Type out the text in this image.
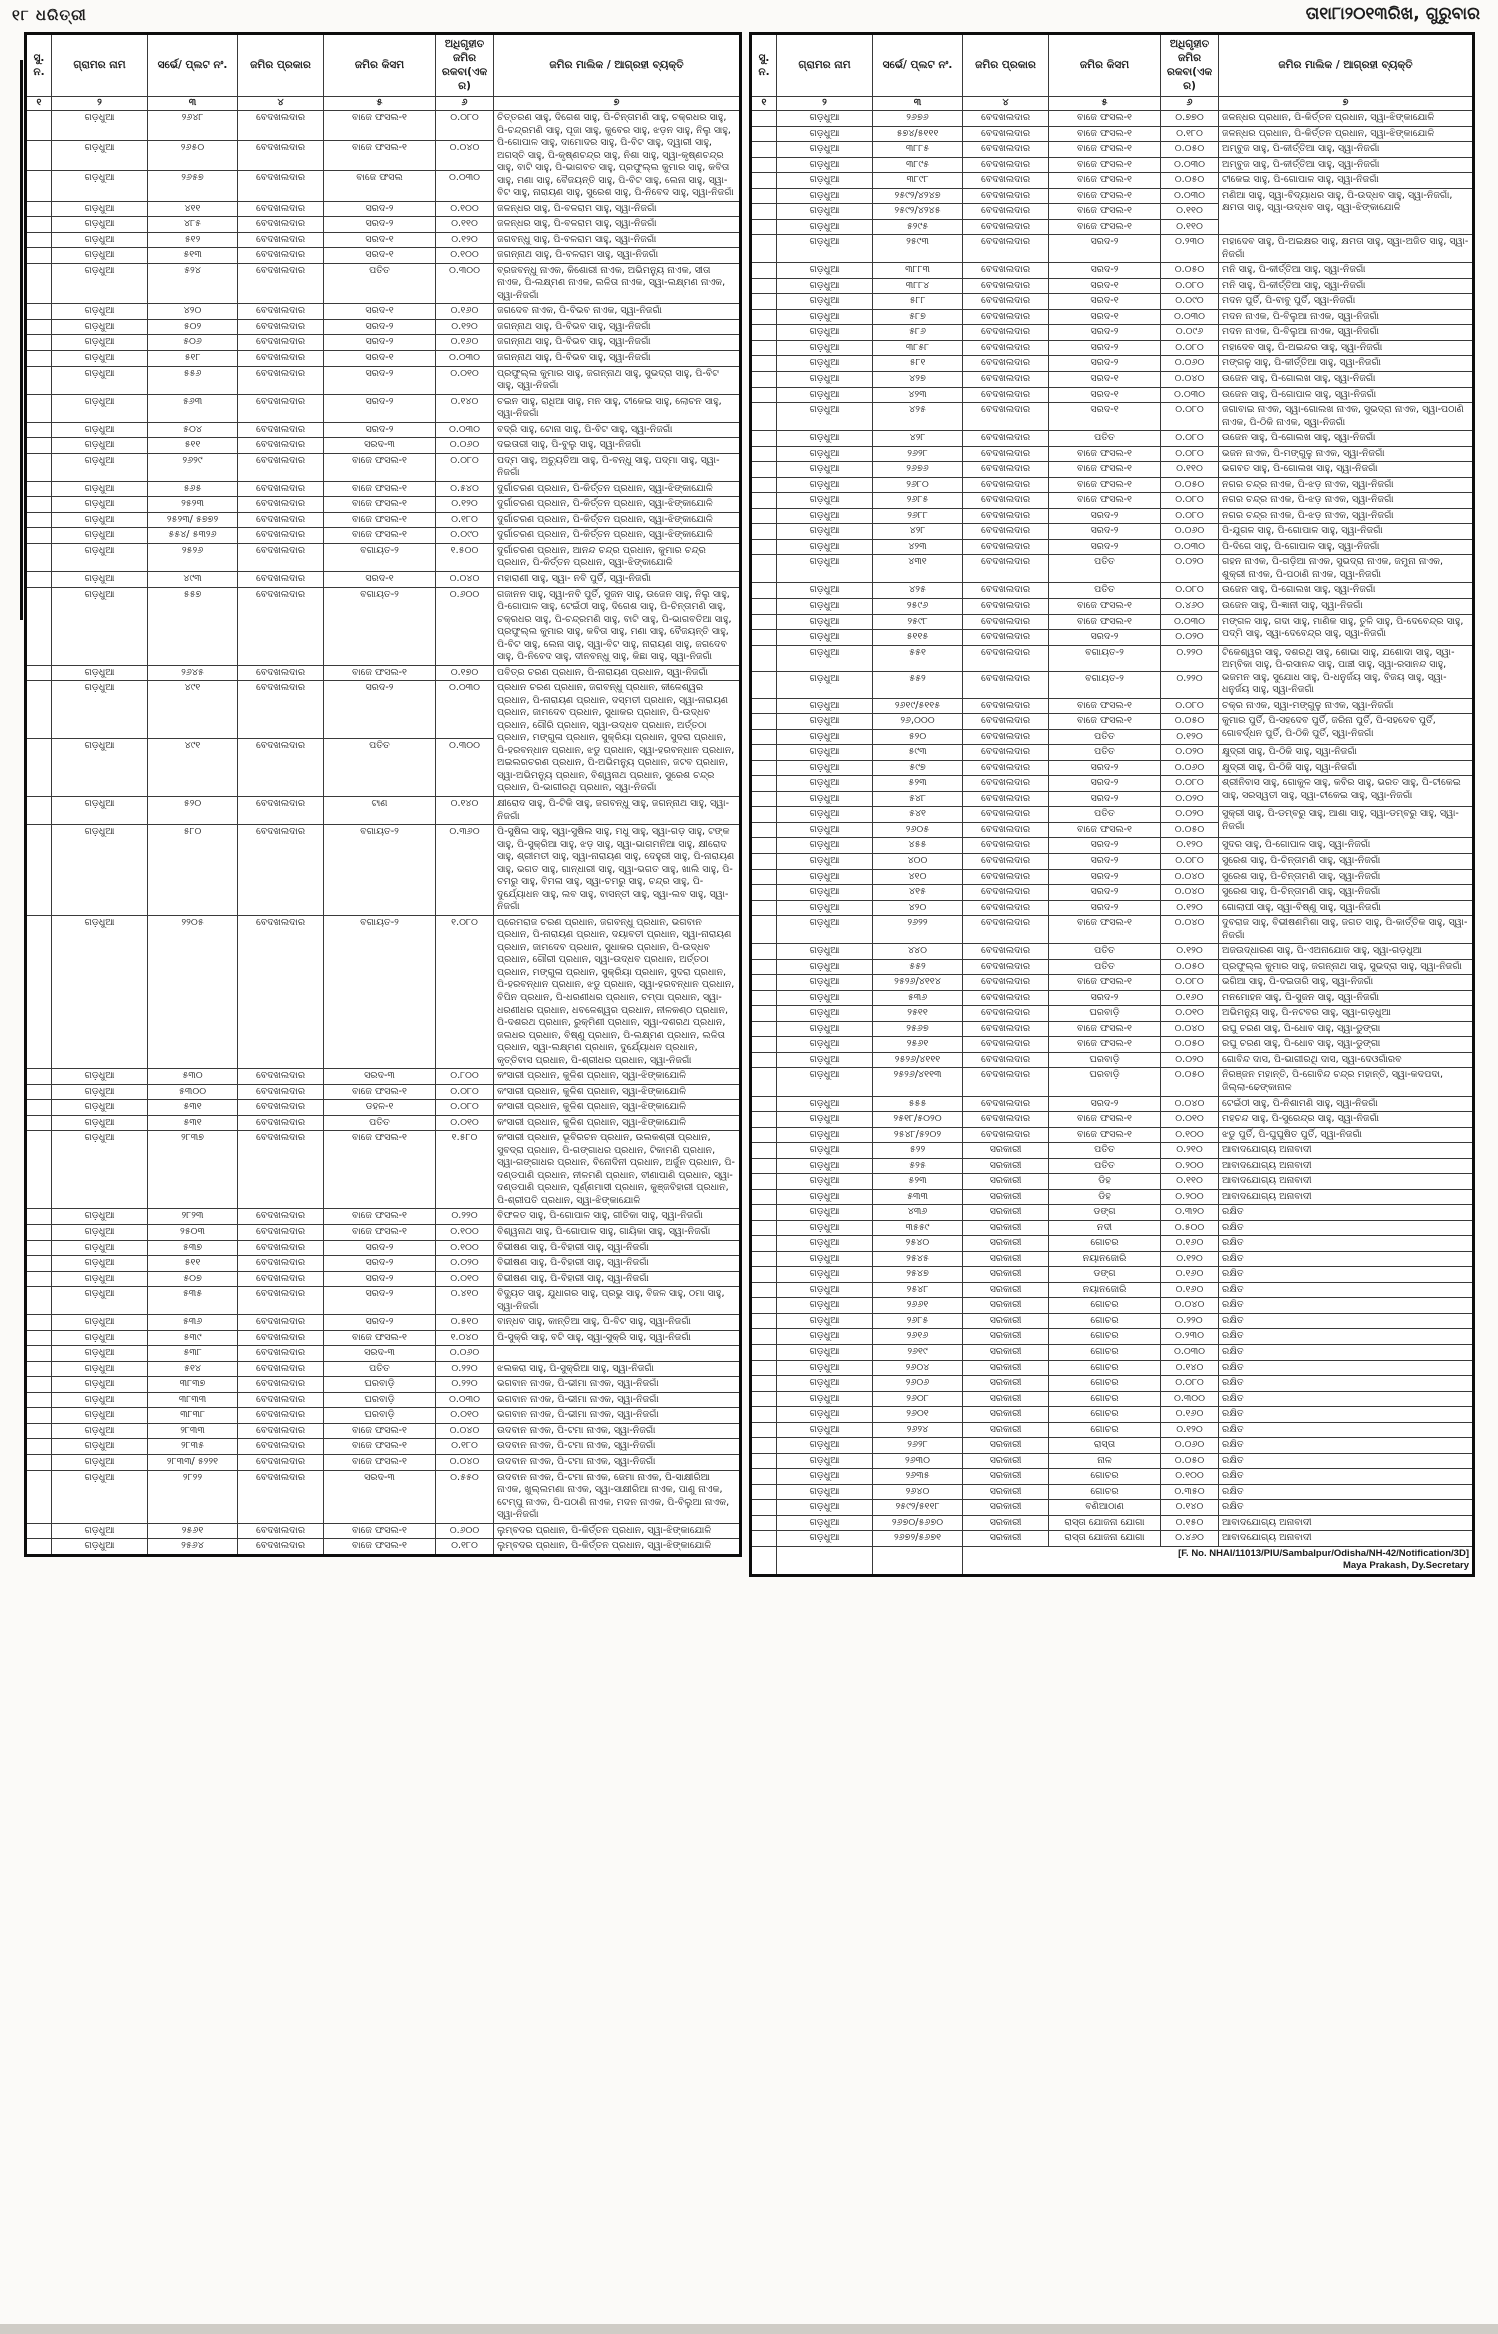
୧୮ ଧରିତ୍ରୀ	ତା୧ା୮ା୨୦୧୩ରିଖ, ଗୁରୁବାର
ସୁ. ନ.	ଗ୍ରାମର ନାମ	ସର୍ଭେ/ ପ୍ଲଟ ନଂ.	ଜମିର ପ୍ରକାର	ଜମିର କିସମ	ଅଧିଗୃହୀତ ଜମିର ରକବା(ଏକର)	ଜମିର ମାଲିକ / ଆଗ୍ରହୀ ବ୍ୟକ୍ତି
୧	୨	୩	୪	୫	୬	୭
	ଗଡ଼ଧୁଆ	୨୬୪୮	ବେଦଖଲଦାର	ବାଜେ ଫସଲ-୧	୦.୦୮୦	ଚିତ୍ତରଣ ସାହୁ, ଦିଗେଶ ସାହୁ, ପି-ଚିନ୍ତାମଣି ସାହୁ, ଚକ୍ରଧର ସାହୁ, ପି-ଚନ୍ଦ୍ରମଣି ସାହୁ, ପୂଜା ସାହୁ, କୁବେର ସାହୁ, ଝଡ଼ନ ସାହୁ, ନିଲୁ ସାହୁ, ପି-ଗୋପାଳ ସାହୁ, ଦାମୋଦର ସାହୁ, ପି-ବିଟ ସାହୁ, ଦ୍ୱାରୀ ସାହୁ, ଅଗସ୍ତି ସାହୁ, ପି-କୃଷ୍ଣଚନ୍ଦ୍ର ସାହୁ, ନିଶା ସାହୁ, ସ୍ୱା-କୃଷ୍ଣଚନ୍ଦ୍ର ସାହୁ, ବାଟି ସାହୁ, ପି-ଭାଗବତ ସାହୁ, ପ୍ରଫୁଲ୍ଲ କୁମାର ସାହୁ, କବିତା ସାହୁ, ମଣା ସାହୁ, ବୈଜୟନ୍ତି ସାହୁ, ପି-ବିଟ ସାହୁ, ଲେନା ସାହୁ, ସ୍ୱା-ବିଟ ସାହୁ, ନାରାୟଣ ସାହୁ, ସୁରେଶ ସାହୁ, ପି-ନିବେଦ ସାହୁ, ସ୍ୱା-ନିଜଗାଁ
	ଗଡ଼ଧୁଆ	୨୬୫୦	ବେଦଖଲଦାର	ବାଜେ ଫସଲ-୧	୦.୦୪୦	
	ଗଡ଼ଧୁଆ	୨୬୫୭	ବେଦଖଲଦାର	ବାଜେ ଫସଲ	୦.୦୩୦	
	ଗଡ଼ଧୁଆ	୪୧୧	ବେଦଖଲଦାର	ସରଦ-୨	୦.୧୦୦	ଜଳନ୍ଧର ସାହୁ, ପି-ବଳରାମ ସାହୁ, ସ୍ୱା-ନିଜଗାଁ
	ଗଡ଼ଧୁଆ	୪୮୫	ବେଦଖଲଦାର	ସରଦ-୨	୦.୧୧୦	ଜଳନ୍ଧର ସାହୁ, ପି-ବଳରାମ ସାହୁ, ସ୍ୱା-ନିଜଗାଁ
	ଗଡ଼ଧୁଆ	୫୧୨	ବେଦଖଲଦାର	ସରଦ-୧	୦.୧୨୦	ଜଗବନ୍ଧୁ ସାହୁ, ପି-ବଳରାମ ସାହୁ, ସ୍ୱା-ନିଜଗାଁ
	ଗଡ଼ଧୁଆ	୫୧୩	ବେଦଖଲଦାର	ସରଦ-୧	୦.୧୦୦	ଜଗନ୍ନାଥ ସାହୁ, ପି-ବଳରାମ ସାହୁ, ସ୍ୱା-ନିଜଗାଁ
	ଗଡ଼ଧୁଆ	୫୨୪	ବେଦଖଲଦାର	ପତିତ	୦.୩୦୦	ବ୍ରଜବନ୍ଧୁ ନାଏକ, କିଶୋରୀ ନାଏକ, ଅଭିମନ୍ୟୁ ନାଏକ, ସୀତା ନାଏକ, ପି-ଲକ୍ଷ୍ମଣ ନାଏକ, ଲଳିତା ନାଏକ, ସ୍ୱା-ଲକ୍ଷ୍ମଣ ନାଏକ, ସ୍ୱା-ନିଜଗାଁ
	ଗଡ଼ଧୁଆ	୪୨୦	ବେଦଖଲଦାର	ସରଦ-୧	୦.୧୬୦	ଜଗଦେବ ନାଏକ, ପି-ବିଭବ ନାଏକ, ସ୍ୱା-ନିଜଗାଁ
	ଗଡ଼ଧୁଆ	୫୦୨	ବେଦଖଲଦାର	ସରଦ-୨	୦.୧୨୦	ଜଗନ୍ନାଥ ସାହୁ, ପି-ବିଭବ ସାହୁ, ସ୍ୱା-ନିଜଗାଁ
	ଗଡ଼ଧୁଆ	୫୦୬	ବେଦଖଲଦାର	ସରଦ-୨	୦.୧୬୦	ଜଗନ୍ନାଥ ସାହୁ, ପି-ବିଭବ ସାହୁ, ସ୍ୱା-ନିଜଗାଁ
	ଗଡ଼ଧୁଆ	୫୧୮	ବେଦଖଲଦାର	ସରଦ-୧	୦.୦୩୦	ଜଗନ୍ନାଥ ସାହୁ, ପି-ବିଭବ ସାହୁ, ସ୍ୱା-ନିଜଗାଁ
	ଗଡ଼ଧୁଆ	୫୫୬	ବେଦଖଲଦାର	ସରଦ-୨	୦.୦୧୦	ପ୍ରଫୁଲ୍ଲ କୁମାର ସାହୁ, ଜଗନ୍ନାଥ ସାହୁ, ସୁଭଦ୍ରା ସାହୁ, ପି-ବିଟ ସାହୁ, ସ୍ୱା-ନିଜଗାଁ
	ଗଡ଼ଧୁଆ	୫୬୩	ବେଦଖଲଦାର	ସରଦ-୨	୦.୧୪୦	ଚଇନ ସାହୁ, ରାଧିଆ ସାହୁ, ମନ ସାହୁ, ଟୀକେଇ ସାହୁ, ଲୋଚନ ସାହୁ, ସ୍ୱା-ନିଜଗାଁ
	ଗଡ଼ଧୁଆ	୫୦୪	ବେଦଖଲଦାର	ସରଦ-୨	୦.୦୩୦	ବଦ୍ରି ସାହୁ, ଟୋନା ସାହୁ, ପି-ବିଟ ସାହୁ, ସ୍ୱା-ନିଜଗାଁ
	ଗଡ଼ଧୁଆ	୫୧୧	ବେଦଖଲଦାର	ସରଦ-୩	୦.୦୬୦	ଦଇତାରୀ ସାହୁ, ପି-ବୁଲୁ ସାହୁ, ସ୍ୱା-ନିଜଗାଁ
	ଗଡ଼ଧୁଆ	୨୬୨୯	ବେଦଖଲଦାର	ବାଜେ ଫସଲ-୧	୦.୦୮୦	ପଦ୍ମ ସାହୁ, ଅଚ୍ୟୁତିଆ ସାହୁ, ପି-ବନ୍ଧୁ ସାହୁ, ପଦ୍ମା ସାହୁ, ସ୍ୱା-ନିଜଗାଁ
	ଗଡ଼ଧୁଆ	୫୬୫	ବେଦଖଲଦାର	ବାଜେ ଫସଲ-୧	୦.୫୪୦	ଦୁର୍ଗାଚରଣ ପ୍ରଧାନ, ପି-କିର୍ତ୍ତନ ପ୍ରଧାନ, ସ୍ୱା-ଝିଙ୍କାଯୋଳି
	ଗଡ଼ଧୁଆ	୨୫୨୩	ବେଦଖଲଦାର	ବାଜେ ଫସଲ-୧	୦.୧୨୦	ଦୁର୍ଗାଚରଣ ପ୍ରଧାନ, ପି-କିର୍ତ୍ତନ ପ୍ରଧାନ, ସ୍ୱା-ଝିଙ୍କାଯୋଳି
	ଗଡ଼ଧୁଆ	୨୫୨୩/ ୫୭୭୨	ବେଦଖଲଦାର	ବାଜେ ଫସଲ-୧	୦.୧୮୦	ଦୁର୍ଗାଚରଣ ପ୍ରଧାନ, ପି-କିର୍ତ୍ତନ ପ୍ରଧାନ, ସ୍ୱା-ଝିଙ୍କାଯୋଳି
	ଗଡ଼ଧୁଆ	୫୫୪/ ୫୩୨୬	ବେଦଖଲଦାର	ବାଜେ ଫସଲ-୧	୦.୦୯୦	ଦୁର୍ଗାଚରଣ ପ୍ରଧାନ, ପି-କିର୍ତ୍ତନ ପ୍ରଧାନ, ସ୍ୱା-ଝିଙ୍କାଯୋଳି
	ଗଡ଼ଧୁଆ	୨୫୨୬	ବେଦଖଲଦାର	ବଗାୟତ-୨	୧.୫୦୦	ଦୁର୍ଗାଚରଣ ପ୍ରଧାନ, ଆନନ୍ଦ ଚନ୍ଦ୍ର ପ୍ରଧାନ, କୁମାର ଚନ୍ଦ୍ର ପ୍ରଧାନ, ପି-କିର୍ତ୍ତନ ପ୍ରଧାନ, ସ୍ୱା-ଝିଙ୍କାଯୋଳି
	ଗଡ଼ଧୁଆ	୪୯୩	ବେଦଖଲଦାର	ସରଦ-୧	୦.୦୪୦	ମହାରାଣୀ ସାହୁ, ସ୍ୱା- ନବି ପୁର୍ତି, ସ୍ୱା-ନିଜଗାଁ
	ଗଡ଼ଧୁଆ	୫୫୭	ବେଦଖଲଦାର	ବଗାୟତ-୨	୦.୬୦୦	ଗଜାନନ ସାହୁ, ସ୍ୱା-ନବି ପୁର୍ତି, ସୁଜନ ସାହୁ, ଉଜେନ ସାହୁ, ନିଲୁ ସାହୁ, ପି-ଗୋପାଳ ସାହୁ, ଟେଇଁଠୀ ସାହୁ, ଦିଗେଶ ସାହୁ, ପି-ଚିନ୍ତାମଣି ସାହୁ, ଚକ୍ରଧର ସାହୁ, ପି-ଚନ୍ଦ୍ରମଣି ସାହୁ, ବାଟି ସାହୁ, ପି-ଭାଗବତିଆ ସାହୁ, ପ୍ରଫୁଲ୍ଲ କୁମାର ସାହୁ, କବିତା ସାହୁ, ମଣା ସାହୁ, ବୈଜୟନ୍ତି ସାହୁ, ପି-ବିଟ ସାହୁ, ଲେନା ସାହୁ, ସ୍ୱା-ବିଟ ସାହୁ, ନାରାୟଣ ସାହୁ, ଜଗଦେବ ସାହୁ, ପି-ନିବେଦ ସାହୁ, ଦୀନବନ୍ଧୁ ସାହୁ, କିଛା ସାହୁ, ସ୍ୱା-ନିଜଗାଁ
	ଗଡ଼ଧୁଆ	୨୬୪୫	ବେଦଖଲଦାର	ବାଜେ ଫସଲ-୧	୦.୧୭୦	ପବିତ୍ର ଚରଣ ପ୍ରଧାନ, ପି-ନାରାୟଣ ପ୍ରଧାନ, ସ୍ୱା-ନିଜଗାଁ
	ଗଡ଼ଧୁଆ	୪୯୧	ବେଦଖଲଦାର	ସରଦ-୨	୦.୦୩୦	ପ୍ରଧାନ ଚରଣ ପ୍ରଧାନ, ଜଗବନ୍ଧୁ ପ୍ରଧାନ, କୀଳେଶ୍ୱର ପ୍ରଧାନ, ପି-ନାରାୟଣ ପ୍ରଧାନ, ଦସ୍ମତୀ ପ୍ରଧାନ, ସ୍ୱା-ନାରାୟଣ ପ୍ରଧାନ, ଜାମଦେବ ପ୍ରଧାନ, ସୁଧାକର ପ୍ରଧାନ, ପି-ଉଦ୍ଧବ ପ୍ରଧାନ, ଗୌରି ପ୍ରଧାନ, ସ୍ୱା-ଉଦ୍ଧବ ପ୍ରଧାନ, ଅର୍ତ୍ତଠା ପ୍ରଧାନ, ମଙ୍ଗୁଳା ପ୍ରଧାନ, ସୁକ୍ରିୟା ପ୍ରଧାନ, ସୁଦରା ପ୍ରଧାନ, ପି-ହରବନ୍ଧାନ ପ୍ରଧାନ, ଝଡୁ ପ୍ରଧାନ, ସ୍ୱା-ହରବନ୍ଧାନ ପ୍ରଧାନ, ଅଇଲରଚରଣ ପ୍ରଧାନ, ପି-ଅଭିମନ୍ୟୁ ପ୍ରଧାନ, ଜଟବ ପ୍ରଧାନ, ସ୍ୱା-ଅଭିମନ୍ୟୁ ପ୍ରଧାନ, ବିଶ୍ୱନାଥ ପ୍ରଧାନ, ସୁରେଶ ଚନ୍ଦ୍ର ପ୍ରଧାନ, ପି-ଭାଗୀରଥି ପ୍ରଧାନ, ସ୍ୱା-ନିଜଗାଁ
	ଗଡ଼ଧୁଆ	୪୯୧	ବେଦଖଲଦାର	ପତିତ	୦.୩୦୦	
	ଗଡ଼ଧୁଆ	୫୨୦	ବେଦଖଲଦାର	ଟାଣ	୦.୧୪୦	କ୍ଷୀରୋଦ ସାହୁ, ପି-ଟିକି ସାହୁ, ଜଗବନ୍ଧୁ ସାହୁ, ଜଗନ୍ନାଥ ସାହୁ, ସ୍ୱା-ନିଜଗାଁ
	ଗଡ଼ଧୁଆ	୫୮୦	ବେଦଖଲଦାର	ବଗାୟତ-୨	୦.୩୬୦	ପି-ସୁଷିଲ ସାହୁ, ସ୍ୱା-ସୁଷିଲ ସାହୁ, ମଧୁ ସାହୁ, ସ୍ୱା-ଗଡ଼ ସାହୁ, ଟଙ୍କ ସାହୁ, ପି-ସୁକ୍ରିଆ ସାହୁ, ଝଡ଼ ସାହୁ, ସ୍ୱା-ଭାଗମନିଆ ସାହୁ, କ୍ଷୀରୋଦ ସାହୁ, ଶ୍ରୀମତୀ ସାହୁ, ସ୍ୱା-ନାରାୟଣ ସାହୁ, ଦେହୁରୀ ସାହୁ, ପି-ନାରାୟଣ ସାହୁ, ଭଗତ ସାହୁ, ଗାନ୍ଧାରୀ ସାହୁ, ସ୍ୱା-ଭଗତ ସାହୁ, ଖାଲି ସାହୁ, ପି-ଚମରୁ ସାହୁ, ବିମଳା ସାହୁ, ସ୍ୱା-ଚମରୁ ସାହୁ, ଚନ୍ଦ୍ର ସାହୁ, ପି-ଦୁର୍ଯ୍ୟୋଧନ ସାହୁ, ଲବ ସାହୁ, ବାସନ୍ତୀ ସାହୁ, ସ୍ୱା-ଲବ ସାହୁ, ସ୍ୱା-ନିଜଗାଁ
	ଗଡ଼ଧୁଆ	୨୨୦୫	ବେଦଖଲଦାର	ବଗାୟତ-୨	୧.୦୮୦	ପ୍ରେମରାଜ ଚରଣ ପ୍ରଧାନ, ଜଗବନ୍ଧୁ ପ୍ରଧାନ, ଭଗବାନ ପ୍ରଧାନ, ପି-ନାରାୟଣ ପ୍ରଧାନ, ଦୟାବତୀ ପ୍ରଧାନ, ସ୍ୱା-ନାରାୟଣ ପ୍ରଧାନ, ଜାମଦେବ ପ୍ରଧାନ, ସୁଧାକର ପ୍ରଧାନ, ପି-ଉଦ୍ଧବ ପ୍ରଧାନ, ଗୌରୀ ପ୍ରଧାନ, ସ୍ୱା-ଉଦ୍ଧବ ପ୍ରଧାନ, ଅର୍ତ୍ତଠା ପ୍ରଧାନ, ମଙ୍ଗୁଳା ପ୍ରଧାନ, ସୁକ୍ରିୟା ପ୍ରଧାନ, ସୁଦରା ପ୍ରଧାନ, ପି-ହରବନ୍ଧାନ ପ୍ରଧାନ, ଝଡୁ ପ୍ରଧାନ, ସ୍ୱା-ହରବନ୍ଧାନ ପ୍ରଧାନ, ବିପିନ ପ୍ରଧାନ, ପି-ଧରଣୀଧର ପ୍ରଧାନ, ଚମ୍ପା ପ୍ରଧାନ, ସ୍ୱା-ଧରଣୀଧର ପ୍ରଧାନ, ଧବଳେଶ୍ୱର ପ୍ରଧାନ, ନୀଳକଣ୍ଠ ପ୍ରଧାନ, ପି-ଦଶରଥ ପ୍ରଧାନ, ରୁକ୍ମିଣୀ ପ୍ରଧାନ, ସ୍ୱା-ଦଶରଥ ପ୍ରଧାନ, ଜଲଧର ପ୍ରଧାନ, ବିଷ୍ଣୁ ପ୍ରଧାନ, ପି-ଲକ୍ଷ୍ମଣ ପ୍ରଧାନ, ଲଳିତା ପ୍ରଧାନ, ସ୍ୱା-ଲକ୍ଷ୍ମଣ ପ୍ରଧାନ, ଦୁର୍ଯ୍ୟୋଧନ ପ୍ରଧାନ, କୃତ୍ତିବାସ ପ୍ରଧାନ, ପି-ଶ୍ରୀଧର ପ୍ରଧାନ, ସ୍ୱା-ନିଜଗାଁ
	ଗଡ଼ଧୁଆ	୫୩୦	ବେଦଖଲଦାର	ସରଦ-୩	୦.୮୦୦	କଂସାରୀ ପ୍ରଧାନ, କୁଳିଶ ପ୍ରଧାନ, ସ୍ୱା-ଝିଙ୍କାଯୋଳି
	ଗଡ଼ଧୁଆ	୫୩୦୦	ବେଦଖଲଦାର	ବାଜେ ଫସଲ-୧	୦.୦୮୦	କଂସାରୀ ପ୍ରଧାନ, କୁଳିଶ ପ୍ରଧାନ, ସ୍ୱା-ଝିଙ୍କାଯୋଳି
	ଗଡ଼ଧୁଆ	୫୩୧	ବେଦଖଲଦାର	ଡହଳ-୧	୦.୦୮୦	କଂସାରୀ ପ୍ରଧାନ, କୁଳିଶ ପ୍ରଧାନ, ସ୍ୱା-ଝିଙ୍କାଯୋଳି
	ଗଡ଼ଧୁଆ	୫୩୧	ବେଦଖଲଦାର	ପତିତ	୦.୦୧୦	କଂସାରୀ ପ୍ରଧାନ, କୁଳିଶ ପ୍ରଧାନ, ସ୍ୱା-ଝିଙ୍କାଯୋଳି
	ଗଡ଼ଧୁଆ	୨୮୩୭	ବେଦଖଲଦାର	ବାଜେ ଫସଲ-୧	୧.୫୮୦	କଂସାରୀ ପ୍ରଧାନ, ଭୂବିରଚନ ପ୍ରଧାନ, ଉଲକଶ୍ରୀ ପ୍ରଧାନ, ସୁବଦ୍ରା ପ୍ରଧାନ, ପି-ଗଙ୍ଗାଧର ପ୍ରଧାନ, ଟିକାମଣି ପ୍ରଧାନ, ସ୍ୱା-ଗଙ୍ଗାଧର ପ୍ରଧାନ, ବିନୋଦିନୀ ପ୍ରଧାନ, ଅର୍ଜୁନ ପ୍ରଧାନ, ପି-ଦଣ୍ଡପାଣି ପ୍ରଧାନ, ନୀଳମଣି ପ୍ରଧାନ, ବୀଣାପାଣି ପ୍ରଧାନ, ସ୍ୱା-ଦଣ୍ଡପାଣି ପ୍ରଧାନ, ପୂର୍ଣ୍ଣମାସୀ ପ୍ରଧାନ, କୁଞ୍ଜବିହାରୀ ପ୍ରଧାନ, ପି-ଶ୍ରୀପତି ପ୍ରଧାନ, ସ୍ୱା-ଝିଙ୍କାଯୋଳି
	ଗଡ଼ଧୁଆ	୨୮୨୩	ବେଦଖଲଦାର	ବାଜେ ଫସଲ-୧	୦.୨୨୦	ବିଫଳତ ସାହୁ, ପି-ଗୋପାଳ ସାହୁ, ଗୀତିକା ସାହୁ, ସ୍ୱା-ନିଜଗାଁ
	ଗଡ଼ଧୁଆ	୨୫୦୩	ବେଦଖଲଦାର	ବାଜେ ଫସଲ-୧	୦.୧୦୦	ବିଶ୍ୱନାଥ ସାହୁ, ପି-ଗୋପାଳ ସାହୁ, ଗାୟିକା ସାହୁ, ସ୍ୱା-ନିଜଗାଁ
	ଗଡ଼ଧୁଆ	୫୩୭	ବେଦଖଲଦାର	ସରଦ-୨	୦.୧୦୦	ବିଭୀଷଣ ସାହୁ, ପି-ବିହାରୀ ସାହୁ, ସ୍ୱା-ନିଜଗାଁ
	ଗଡ଼ଧୁଆ	୫୧୧	ବେଦଖଲଦାର	ସରଦ-୨	୦.୦୨୦	ବିଭୀଷଣ ସାହୁ, ପି-ବିହାରୀ ସାହୁ, ସ୍ୱା-ନିଜଗାଁ
	ଗଡ଼ଧୁଆ	୫୦୭	ବେଦଖଲଦାର	ସରଦ-୨	୦.୦୧୦	ବିଭୀଷଣ ସାହୁ, ପି-ବିହାରୀ ସାହୁ, ସ୍ୱା-ନିଜଗାଁ
	ଗଡ଼ଧୁଆ	୫୩୫	ବେଦଖଲଦାର	ସରଦ-୨	୦.୪୧୦	ବିଦ୍ୟୁତ ସାହୁ, ଯୁଧାଗର ସାହୁ, ପ୍ରଭୁ ସାହୁ, ବିଜଳ ସାହୁ, ଠମା ସାହୁ, ସ୍ୱା-ନିଜଗାଁ
	ଗଡ଼ଧୁଆ	୫୩୬	ବେଦଖଲଦାର	ସରଦ-୨	୦.୫୧୦	ବାନ୍ଧବ ସାହୁ, କାନ୍ତିଆ ସାହୁ, ପି-ବିଟ ସାହୁ, ସ୍ୱା-ନିଜଗାଁ
	ଗଡ଼ଧୁଆ	୫୩୯	ବେଦଖଲଦାର	ବାଜେ ଫସଲ-୧	୧.୦୪୦	ପି-ସୁକ୍ରି ସାହୁ, ବଟି ସାହୁ, ସ୍ୱା-ସୁକ୍ରି ସାହୁ, ସ୍ୱା-ନିଜଗାଁ
	ଗଡ଼ଧୁଆ	୫୩୮	ବେଦଖଲଦାର	ସରଦ-୩	୦.୦୬୦	
	ଗଡ଼ଧୁଆ	୫୧୪	ବେଦଖଲଦାର	ପତିତ	୦.୨୨୦	ଝଲକରା ସାହୁ, ପି-ସୁକ୍ରିଆ ସାହୁ, ସ୍ୱା-ନିଜଗାଁ
	ଗଡ଼ଧୁଆ	୩୮୩୭	ବେଦଖଲଦାର	ଘରବାଡ଼ି	୦.୨୨୦	ଭଗବାନ ନାଏକ, ପି-ଭୀମା ନାଏକ, ସ୍ୱା-ନିଜଗାଁ
	ଗଡ଼ଧୁଆ	୩୮୩୩	ବେଦଖଲଦାର	ଘରବାଡ଼ି	୦.୦୩୦	ଭଗବାନ ନାଏକ, ପି-ଭୀମା ନାଏକ, ସ୍ୱା-ନିଜଗାଁ
	ଗଡ଼ଧୁଆ	୩୮୩୮	ବେଦଖଲଦାର	ଘରବାଡ଼ି	୦.୦୧୦	ଭଗବାନ ନାଏକ, ପି-ଭୀମା ନାଏକ, ସ୍ୱା-ନିଜଗାଁ
	ଗଡ଼ଧୁଆ	୨୮୩୩	ବେଦଖଲଦାର	ବାଜେ ଫସଲ-୧	୦.୦୪୦	ଉଦବାନ ନାଏକ, ପି-ଟମା ନାଏକ, ସ୍ୱା-ନିଜଗାଁ
	ଗଡ଼ଧୁଆ	୨୮୩୫	ବେଦଖଲଦାର	ବାଜେ ଫସଲ-୧	୦.୧୮୦	ଉଦବାନ ନାଏକ, ପି-ଟମା ନାଏକ, ସ୍ୱା-ନିଜଗାଁ
	ଗଡ଼ଧୁଆ	୨୮୩୩/ ୫୨୨୧	ବେଦଖଲଦାର	ବାଜେ ଫସଲ-୧	୦.୦୪୦	ଉଦବାନ ନାଏକ, ପି-ଟମା ନାଏକ, ସ୍ୱା-ନିଜଗାଁ
	ଗଡ଼ଧୁଆ	୨୮୨୨	ବେଦଖଲଦାର	ସରଦ-୩	୦.୫୫୦	ଉଦବାନ ନାଏକ, ପି-ଟମା ନାଏକ, ଜେମା ନାଏକ, ପି-ସାକ୍ଷୀରିଆ ନାଏକ, ଖୁଲ୍ଲମଣା ନାଏକ, ସ୍ୱା-ସାକ୍ଷୀରିଆ ନାଏକ, ପାଣୁ ନାଏକ, ଟେମ୍ପୁ ନାଏକ, ପି-ପଠାଣି ନାଏକ, ମଦନ ନାଏକ, ପି-ବିଲୁଆ ନାଏକ, ସ୍ୱା-ନିଜଗାଁ
	ଗଡ଼ଧୁଆ	୨୫୬୧	ବେଦଖଲଦାର	ବାଜେ ଫସଲ-୧	୦.୬୦୦	ଲୁମ୍ବଦର ପ୍ରଧାନ, ପି-କିର୍ତ୍ତନ ପ୍ରଧାନ, ସ୍ୱା-ଝିଙ୍କାଯୋଳି
	ଗଡ଼ଧୁଆ	୨୫୬୪	ବେଦଖଲଦାର	ବାଜେ ଫସଲ-୧	୦.୧୮୦	ଲୁମ୍ବଦର ପ୍ରଧାନ, ପି-କିର୍ତ୍ତନ ପ୍ରଧାନ, ସ୍ୱା-ଝିଙ୍କାଯୋଳି
ସୁ. ନ.	ଗ୍ରାମର ନାମ	ସର୍ଭେ/ ପ୍ଲଟ ନଂ.	ଜମିର ପ୍ରକାର	ଜମିର କିସମ	ଅଧିଗୃହୀତ ଜମିର ରକବା(ଏକର)	ଜମିର ମାଲିକ / ଆଗ୍ରହୀ ବ୍ୟକ୍ତି
୧	୨	୩	୪	୫	୬	୭
	ଗଡ଼ଧୁଆ	୨୬୭୬	ବେଦଖଲଦାର	ବାଜେ ଫସଲ-୧	୦.୭୭୦	ଜଳନ୍ଧର ପ୍ରଧାନ, ପି-କିର୍ତ୍ତନ ପ୍ରଧାନ, ସ୍ୱା-ଝିଙ୍କାଯୋଳି
	ଗଡ଼ଧୁଆ	୫୭୪/୫୧୧୧	ବେଦଖଲଦାର	ବାଜେ ଫସଲ-୧	୦.୧୮୦	ଜଳନ୍ଧର ପ୍ରଧାନ, ପି-କିର୍ତ୍ତନ ପ୍ରଧାନ, ସ୍ୱା-ଝିଙ୍କାଯୋଳି
	ଗଡ଼ଧୁଆ	୩୮୮୫	ବେଦଖଲଦାର	ବାଜେ ଫସଲ-୧	୦.୦୫୦	ଅମ୍ବୁଜ ସାହୁ, ପି-କୀର୍ତ୍ତିଆ ସାହୁ, ସ୍ୱା-ନିଜଗାଁ
	ଗଡ଼ଧୁଆ	୩୮୯୫	ବେଦଖଲଦାର	ବାଜେ ଫସଲ-୧	୦.୦୩୦	ଅମ୍ବୁଜ ସାହୁ, ପି-କୀର୍ତ୍ତିଆ ସାହୁ, ସ୍ୱା-ନିଜଗାଁ
	ଗଡ଼ଧୁଆ	୩୮୯୮	ବେଦଖଲଦାର	ବାଜେ ଫସଲ-୧	୦.୦୫୦	ଟୀକେଇ ସାହୁ, ପି-ଗୋପାଳ ସାହୁ, ସ୍ୱା-ନିଜଗାଁ
	ଗଡ଼ଧୁଆ	୨୫୯୨/୪୨୪୭	ବେଦଖଲଦାର	ବାଜେ ଫସଲ-୧	୦.୦୩୦	ମଣିଆ ସାହୁ, ସ୍ୱା-ବିଦ୍ୟାଧର ସାହୁ, ପି-ଉଦ୍ଧବ ସାହୁ, ସ୍ୱା-ନିଜଗାଁ, କ୍ଷମତା ସାହୁ, ସ୍ୱା-ଉଦ୍ଧବ ସାହୁ, ସ୍ୱା-ଝିଙ୍କାଯୋଳି
	ଗଡ଼ଧୁଆ	୨୫୯୨/୪୨୪୫	ବେଦଖଲଦାର	ବାଜେ ଫସଲ-୧	୦.୧୧୦	
	ଗଡ଼ଧୁଆ	୫୨୯୫	ବେଦଖଲଦାର	ବାଜେ ଫସଲ-୧	୦.୧୧୦	
	ଗଡ଼ଧୁଆ	୨୫୯୩	ବେଦଖଲଦାର	ସରଦ-୨	୦.୨୩୦	ମହାଦେବ ସାହୁ, ପି-ଅଇକ୍ଷର ସାହୁ, କ୍ଷମତା ସାହୁ, ସ୍ୱା-ଅଜିତ ସାହୁ, ସ୍ୱା-ନିଜଗାଁ
	ଗଡ଼ଧୁଆ	୩୮୮୩	ବେଦଖଲଦାର	ସରଦ-୨	୦.୦୫୦	ମନି ସାହୁ, ପି-କୀର୍ତ୍ତିଆ ସାହୁ, ସ୍ୱା-ନିଜଗାଁ
	ଗଡ଼ଧୁଆ	୩୮୮୪	ବେଦଖଲଦାର	ସରଦ-୧	୦.୦୮୦	ମନି ସାହୁ, ପି-କୀର୍ତ୍ତିଆ ସାହୁ, ସ୍ୱା-ନିଜଗାଁ
	ଗଡ଼ଧୁଆ	୫୮୮	ବେଦଖଲଦାର	ସରଦ-୧	୦.୦୯୦	ମଦନ ପୁର୍ତି, ପି-ବାବୁ ପୁର୍ତି, ସ୍ୱା-ନିଜଗାଁ
	ଗଡ଼ଧୁଆ	୫୮୭	ବେଦଖଲଦାର	ସରଦ-୧	୦.୦୩୦	ମଦନ ନାଏକ, ପି-ବିଲୁଆ ନାଏକ, ସ୍ୱା-ନିଜଗାଁ
	ଗଡ଼ଧୁଆ	୫୮୬	ବେଦଖଲଦାର	ସରଦ-୨	୦.୦୯୬	ମଦନ ନାଏକ, ପି-ବିଲୁଆ ନାଏକ, ସ୍ୱା-ନିଜଗାଁ
	ଗଡ଼ଧୁଆ	୩୮୫୮	ବେଦଖଲଦାର	ସରଦ-୨	୦.୦୮୦	ମହାଦେବ ସାହୁ, ପି-ଅଇନ୍ଦର ସାହୁ, ସ୍ୱା-ନିଜଗାଁ
	ଗଡ଼ଧୁଆ	୫୮୧	ବେଦଖଲଦାର	ସରଦ-୨	୦.୦୬୦	ମଙ୍ଗଳୁ ସାହୁ, ପି-କୀର୍ତ୍ତିଆ ସାହୁ, ସ୍ୱା-ନିଜଗାଁ
	ଗଡ଼ଧୁଆ	୪୨୭	ବେଦଖଲଦାର	ସରଦ-୧	୦.୦୪୦	ଉଜେନ ସାହୁ, ପି-ଗୋଲଖ ସାହୁ, ସ୍ୱା-ନିଜଗାଁ
	ଗଡ଼ଧୁଆ	୪୨୩	ବେଦଖଲଦାର	ସରଦ-୧	୦.୦୩୦	ଉଜେନ ସାହୁ, ପି-ଗୋପାଳ ସାହୁ, ସ୍ୱା-ନିଜଗାଁ
	ଗଡ଼ଧୁଆ	୪୨୫	ବେଦଖଲଦାର	ସରଦ-୧	୦.୦୮୦	ଜଗାବାଇ ନାଏକ, ସ୍ୱା-ଗୋଲଖ ନାଏକ, ସୁଭଦ୍ରା ନାଏକ, ସ୍ୱା-ପଠାଣି ନାଏକ, ପି-ଠିକି ନାଏକ, ସ୍ୱା-ନିଜଗାଁ
	ଗଡ଼ଧୁଆ	୪୨୮	ବେଦଖଲଦାର	ପତିତ	୦.୦୮୦	ଉଜେନ ସାହୁ, ପି-ଗୋଲଖ ସାହୁ, ସ୍ୱା-ନିଜଗାଁ
	ଗଡ଼ଧୁଆ	୨୬୨୮	ବେଦଖଲଦାର	ବାଜେ ଫସଲ-୧	୦.୦୮୦	ଭଜନ ନାଏକ, ପି-ମଙ୍ଗୁଳୁ ନାଏକ, ସ୍ୱା-ନିଜଗାଁ
	ଗଡ଼ଧୁଆ	୨୬୭୬	ବେଦଖଲଦାର	ବାଜେ ଫସଲ-୧	୦.୧୧୦	ଭଗବତ ସାହୁ, ପି-ଗୋଲଖ ସାହୁ, ସ୍ୱା-ନିଜଗାଁ
	ଗଡ଼ଧୁଆ	୨୬୮୦	ବେଦଖଲଦାର	ବାଜେ ଫସଲ-୧	୦.୦୫୦	ନଗର ଚନ୍ଦ୍ର ନାଏକ, ପି-ଝଡ଼ ନାଏକ, ସ୍ୱା-ନିଜଗାଁ
	ଗଡ଼ଧୁଆ	୨୬୮୫	ବେଦଖଲଦାର	ବାଜେ ଫସଲ-୧	୦.୦୮୦	ନଗର ଚନ୍ଦ୍ର ନାଏକ, ପି-ଝଡ଼ ନାଏକ, ସ୍ୱା-ନିଜଗାଁ
	ଗଡ଼ଧୁଆ	୨୬୮୮	ବେଦଖଲଦାର	ସରଦ-୨	୦.୦୮୦	ନଗର ଚନ୍ଦ୍ର ନାଏକ, ପି-ଝଡ଼ ନାଏକ, ସ୍ୱା-ନିଜଗାଁ
	ଗଡ଼ଧୁଆ	୪୨୮	ବେଦଖଲଦାର	ସରଦ-୨	୦.୦୬୦	ପି-ଯୁଗଳ ସାହୁ, ପି-ଗୋପାଳ ସାହୁ, ସ୍ୱା-ନିଜଗାଁ
	ଗଡ଼ଧୁଆ	୪୨୩	ବେଦଖଲଦାର	ସରଦ-୨	୦.୦୩୦	ପି-ଦିଗେ ସାହୁ, ପି-ଗୋପାଳ ସାହୁ, ସ୍ୱା-ନିଜଗାଁ
	ଗଡ଼ଧୁଆ	୪୩୧	ବେଦଖଲଦାର	ପତିତ	୦.୦୨୦	ଗହନ ନାଏକ, ପି-ଗଡ଼ିଆ ନାଏକ, ସୁଭଦ୍ରା ନାଏକ, ଜମୁନା ନାଏକ, ଶୁକ୍ରୀ ନାଏକ, ପି-ପଠାଣି ନାଏକ, ସ୍ୱା-ନିଜଗାଁ
	ଗଡ଼ଧୁଆ	୪୨୫	ବେଦଖଲଦାର	ପତିତ	୦.୦୮୦	ଉଜେନ ସାହୁ, ପି-ଗୋଲଖ ସାହୁ, ସ୍ୱା-ନିଜଗାଁ
	ଗଡ଼ଧୁଆ	୨୫୯୬	ବେଦଖଲଦାର	ବାଜେ ଫସଲ-୧	୦.୪୬୦	ଉଜେନ ସାହୁ, ପି-ଜ୍ଞାନୀ ସାହୁ, ସ୍ୱା-ନିଜଗାଁ
	ଗଡ଼ଧୁଆ	୨୫୯୮	ବେଦଖଲଦାର	ବାଜେ ଫସଲ-୧	୦.୦୩୦	ମଙ୍ଗଳ ସାହୁ, ଗଦା ସାହୁ, ମାଣିକ ସାହୁ, ତୁଳି ସାହୁ, ପି-ଦେବେନ୍ଦ୍ର ସାହୁ, ପଦ୍ମି ସାହୁ, ସ୍ୱା-ଦେବେନ୍ଦ୍ର ସାହୁ, ସ୍ୱା-ନିଜଗାଁ
	ଗଡ଼ଧୁଆ	୫୧୧୫	ବେଦଖଲଦାର	ସରଦ-୨	୦.୦୨୦	
	ଗଡ଼ଧୁଆ	୫୫୧	ବେଦଖଲଦାର	ବଗାୟତ-୨	୦.୨୨୦	ଟିକେଶ୍ୱର ସାହୁ, ଦଶରଥି ସାହୁ, ଶୋଭା ସାହୁ, ଯଶୋଦା ସାହୁ, ସ୍ୱା-ଅମ୍ବିକା ସାହୁ, ପି-ରସାନନ୍ଦ ସାହୁ, ପାଞ୍ଚୀ ସାହୁ, ସ୍ୱା-ରସାନନ୍ଦ ସାହୁ, ଭଜମନ ସାହୁ, ସୁଯୋଧ ସାହୁ, ପି-ଧନୁର୍ଜୟ ସାହୁ, ବିଜୟ ସାହୁ, ସ୍ୱା-ଧନୁର୍ଜୟ ସାହୁ, ସ୍ୱା-ନିଜଗାଁ
	ଗଡ଼ଧୁଆ	୫୫୨	ବେଦଖଲଦାର	ବଗାୟତ-୨	୦.୨୨୦	
	ଗଡ଼ଧୁଆ	୨୬୧୯/୫୧୧୫	ବେଦଖଲଦାର	ବାଜେ ଫସଲ-୧	୦.୦୮୦	ଚକ୍ର ନାଏକ, ସ୍ୱା-ମଙ୍ଗୁଳୁ ନାଏକ, ସ୍ୱା-ନିଜଗାଁ
	ଗଡ଼ଧୁଆ	୨୬,୦୦୦	ବେଦଖଲଦାର	ବାଜେ ଫସଲ-୧	୦.୦୫୦	କୁମାର ପୁର୍ତି, ପି-ସହଦେବ ପୁର୍ତି, ଜରିନା ପୁର୍ତି, ପି-ସହଦେବ ପୁର୍ତି, ଗୋବର୍ଦ୍ଧନ ପୁର୍ତି, ପି-ଠିକି ପୁର୍ତି, ସ୍ୱା-ନିଜଗାଁ
	ଗଡ଼ଧୁଆ	୫୨୦	ବେଦଖଲଦାର	ପତିତ	୦.୧୨୦	
	ଗଡ଼ଧୁଆ	୫୯୩	ବେଦଖଲଦାର	ପତିତ	୦.୦୨୦	କ୍ଷୁଦ୍ରୀ ସାହୁ, ପି-ଠିକି ସାହୁ, ସ୍ୱା-ନିଜଗାଁ
	ଗଡ଼ଧୁଆ	୫୯୭	ବେଦଖଲଦାର	ସରଦ-୨	୦.୦୬୦	କ୍ଷୁଦ୍ରୀ ସାହୁ, ପି-ଠିକି ସାହୁ, ସ୍ୱା-ନିଜଗାଁ
	ଗଡ଼ଧୁଆ	୫୨୩	ବେଦଖଲଦାର	ସରଦ-୨	୦.୦୮୦	ଶ୍ରୀନିବାସ ସାହୁ, ଗୋକୁଳ ସାହୁ, କବିର ସାହୁ, ଭରତ ସାହୁ, ପି-ଟୀକେଇ ସାହୁ, ସରସ୍ୱତୀ ସାହୁ, ସ୍ୱା-ଟୀକେଇ ସାହୁ, ସ୍ୱା-ନିଜଗାଁ
	ଗଡ଼ଧୁଆ	୫୪୮	ବେଦଖଲଦାର	ସରଦ-୨	୦.୦୨୦	
	ଗଡ଼ଧୁଆ	୫୪୧	ବେଦଖଲଦାର	ପତିତ	୦.୦୨୦	ସୁକ୍ରୀ ସାହୁ, ପି-ଡମ୍ବରୁ ସାହୁ, ଆଶା ସାହୁ, ସ୍ୱା-ଡମ୍ବରୁ ସାହୁ, ସ୍ୱା-ନିଜଗାଁ
	ଗଡ଼ଧୁଆ	୨୬୦୫	ବେଦଖଲଦାର	ବାଜେ ଫସଲ-୧	୦.୦୫୦	
	ଗଡ଼ଧୁଆ	୪୫୫	ବେଦଖଲଦାର	ସରଦ-୨	୦.୧୨୦	ସୁଦର ସାହୁ, ପି-ଗୋପାଳ ସାହୁ, ସ୍ୱା-ନିଜଗାଁ
	ଗଡ଼ଧୁଆ	୪୦୦	ବେଦଖଲଦାର	ସରଦ-୨	୦.୦୮୦	ସୁରେଶ ସାହୁ, ପି-ଚିନ୍ତାମଣି ସାହୁ, ସ୍ୱା-ନିଜଗାଁ
	ଗଡ଼ଧୁଆ	୪୧୦	ବେଦଖଲଦାର	ସରଦ-୨	୦.୦୪୦	ସୁରେଶ ସାହୁ, ପି-ଚିନ୍ତାମଣି ସାହୁ, ସ୍ୱା-ନିଜଗାଁ
	ଗଡ଼ଧୁଆ	୪୧୫	ବେଦଖଲଦାର	ସରଦ-୨	୦.୦୪୦	ସୁରେଶ ସାହୁ, ପି-ଚିନ୍ତାମଣି ସାହୁ, ସ୍ୱା-ନିଜଗାଁ
	ଗଡ଼ଧୁଆ	୪୨୦	ବେଦଖଲଦାର	ସରଦ-୨	୦.୧୨୦	ଗୋଲାପୀ ସାହୁ, ସ୍ୱା-ବିଷ୍ଣୁ ସାହୁ, ସ୍ୱା-ନିଜଗାଁ
	ଗଡ଼ଧୁଆ	୨୬୨୨	ବେଦଖଲଦାର	ବାଜେ ଫସଲ-୧	୦.୦୪୦	ଦୁବରାଜ ସାହୁ, ବିଭୀଷଣମିଶା ସାହୁ, ଜଗତ ସାହୁ, ପି-କାର୍ତ୍ତିକ ସାହୁ, ସ୍ୱା-ନିଜଗାଁ
	ଗଡ଼ଧୁଆ	୪୪୦	ବେଦଖଲଦାର	ପତିତ	୦.୧୨୦	ଅଜଉଦ୍ଧାରଣ ସାହୁ, ପି-ଏଅନାଯୋଜ ସାହୁ, ସ୍ୱା-ଗଡ଼ଧୁଆ
	ଗଡ଼ଧୁଆ	୫୫୨	ବେଦଖଲଦାର	ପତିତ	୦.୦୫୦	ପ୍ରଫୁଲ୍ଲ କୁମାର ସାହୁ, ଜଗନ୍ନାଥ ସାହୁ, ସୁଭଦ୍ରା ସାହୁ, ସ୍ୱା-ନିଜଗାଁ
	ଗଡ଼ଧୁଆ	୨୫୨୬/୪୧୧୪	ବେଦଖଲଦାର	ବାଜେ ଫସଲ-୧	୦.୦୮୦	ଭଗିଆ ସାହୁ, ପି-ଦଇତାରି ସାହୁ, ସ୍ୱା-ନିଜଗାଁ
	ଗଡ଼ଧୁଆ	୫୩୬	ବେଦଖଲଦାର	ସରଦ-୨	୦.୧୬୦	ମନମୋହନ ସାହୁ, ପି-ସୁଜନ ସାହୁ, ସ୍ୱା-ନିଜଗାଁ
	ଗଡ଼ଧୁଆ	୨୫୧୧	ବେଦଖଲଦାର	ଘରବାଡ଼ି	୦.୦୧୦	ଅଭିମନ୍ୟୁ ସାହୁ, ପି-ନଟବର ସାହୁ, ସ୍ୱା-ଗଡ଼ଧୁଆ
	ଗଡ଼ଧୁଆ	୨୫୬୭	ବେଦଖଲଦାର	ବାଜେ ଫସଲ-୧	୦.୦୪୦	ରଘୁ ଚରଣ ସାହୁ, ପି-ଧୋବ ସାହୁ, ସ୍ୱା-ଡୁଙ୍ଗା
	ଗଡ଼ଧୁଆ	୨୫୬୧	ବେଦଖଲଦାର	ବାଜେ ଫସଲ-୧	୦.୦୫୦	ରଘୁ ଚରଣ ସାହୁ, ପି-ଧୋବ ସାହୁ, ସ୍ୱା-ଡୁଙ୍ଗା
	ଗଡ଼ଧୁଆ	୨୫୨୬/୪୧୧୧	ବେଦଖଲଦାର	ଘରବାଡ଼ି	୦.୦୨୦	ଗୋବିନ୍ଦ ଦାସ, ପି-ଭାଗୀରଥି ଦାସ, ସ୍ୱା-ଦେଓଗାଁରବ
	ଗଡ଼ଧୁଆ	୨୫୨୬/୪୧୧୩	ବେଦଖଲଦାର	ଘରବାଡ଼ି	୦.୦୫୦	ନିରଞ୍ଜନ ମହାନ୍ତି, ପି-ଗୋବିନ୍ଦ ଚନ୍ଦ୍ର ମହାନ୍ତି, ସ୍ୱା-କଦପଦା, ଜିଲ୍ଲା-ଢେଙ୍କାନାଳ
	ଗଡ଼ଧୁଆ	୫୫୫	ବେଦଖଲଦାର	ସରଦ-୨	୦.୦୪୦	ଟେଇଁଠୀ ସାହୁ, ପି-ନିଶାମଣି ସାହୁ, ସ୍ୱା-ନିଜଗାଁ
	ଗଡ଼ଧୁଆ	୨୫୧୮/୫୦୨୦	ବେଦଖଲଦାର	ବାଜେ ଫସଲ-୧	୦.୦୧୦	ମହଚନ୍ଦ ସାହୁ, ପି-ସୁରେନ୍ଦ୍ର ସାହୁ, ସ୍ୱା-ନିଜଗାଁ
	ଗଡ଼ଧୁଆ	୨୫୪୮/୫୨୦୨	ବେଦଖଲଦାର	ବାଜେ ଫସଲ-୧	୦.୧୦୦	ଝଡୁ ପୁର୍ତି, ପି-ଘୁଘୁଷିତ ପୁର୍ତି, ସ୍ୱା-ନିଜଗାଁ
	ଗଡ଼ଧୁଆ	୫୨୨	ସରକାରୀ	ପତିତ	୦.୨୧୦	ଆବାଦଯୋଗ୍ୟ ଅନାବାଦୀ
	ଗଡ଼ଧୁଆ	୫୨୫	ସରକାରୀ	ପତିତ	୦.୨୦୦	ଆବାଦଯୋଗ୍ୟ ଅନାବାଦୀ
	ଗଡ଼ଧୁଆ	୫୨୩	ସରକାରୀ	ଡିହ	୦.୧୧୦	ଆବାଦଯୋଗ୍ୟ ଅନାବାଦୀ
	ଗଡ଼ଧୁଆ	୫୩୩	ସରକାରୀ	ଡିହ	୦.୨୦୦	ଆବାଦଯୋଗ୍ୟ ଅନାବାଦୀ
	ଗଡ଼ଧୁଆ	୪୩୬	ସରକାରୀ	ଡଙ୍ଗ	୦.୩୨୦	ରକ୍ଷିତ
	ଗଡ଼ଧୁଆ	୩୫୫୯	ସରକାରୀ	ନଦୀ	୦.୫୦୦	ରକ୍ଷିତ
	ଗଡ଼ଧୁଆ	୨୫୪୦	ସରକାରୀ	ଗୋଚର	୦.୧୬୦	ରକ୍ଷିତ
	ଗଡ଼ଧୁଆ	୨୫୪୫	ସରକାରୀ	ନୟାନଜୋରି	୦.୧୨୦	ରକ୍ଷିତ
	ଗଡ଼ଧୁଆ	୨୫୪୭	ସରକାରୀ	ଡଙ୍ଗ	୦.୧୬୦	ରକ୍ଷିତ
	ଗଡ଼ଧୁଆ	୨୫୪୮	ସରକାରୀ	ନୟାନଜୋରି	୦.୧୬୦	ରକ୍ଷିତ
	ଗଡ଼ଧୁଆ	୨୬୬୧	ସରକାରୀ	ଗୋଚର	୦.୦୪୦	ରକ୍ଷିତ
	ଗଡ଼ଧୁଆ	୨୬୮୫	ସରକାରୀ	ଗୋଚର	୦.୨୨୦	ରକ୍ଷିତ
	ଗଡ଼ଧୁଆ	୨୬୧୬	ସରକାରୀ	ଗୋଚର	୦.୨୩୦	ରକ୍ଷିତ
	ଗଡ଼ଧୁଆ	୨୬୧୯	ସରକାରୀ	ଗୋଚର	୦.୦୩୦	ରକ୍ଷିତ
	ଗଡ଼ଧୁଆ	୨୬୦୪	ସରକାରୀ	ଗୋଚର	୦.୧୪୦	ରକ୍ଷିତ
	ଗଡ଼ଧୁଆ	୨୬୦୬	ସରକାରୀ	ଗୋଚର	୦.୦୮୦	ରକ୍ଷିତ
	ଗଡ଼ଧୁଆ	୨୬୦୮	ସରକାରୀ	ଗୋଚର	୦.୩୦୦	ରକ୍ଷିତ
	ଗଡ଼ଧୁଆ	୨୬୦୧	ସରକାରୀ	ଗୋଚର	୦.୧୬୦	ରକ୍ଷିତ
	ଗଡ଼ଧୁଆ	୨୬୨୪	ସରକାରୀ	ଗୋଚର	୦.୧୨୦	ରକ୍ଷିତ
	ଗଡ଼ଧୁଆ	୨୬୨୮	ସରକାରୀ	ରାସ୍ତା	୦.୦୬୦	ରକ୍ଷିତ
	ଗଡ଼ଧୁଆ	୨୬୩୦	ସରକାରୀ	ନାଳ	୦.୦୫୦	ରକ୍ଷିତ
	ଗଡ଼ଧୁଆ	୨୬୩୫	ସରକାରୀ	ଗୋଚର	୦.୧୦୦	ରକ୍ଷିତ
	ଗଡ଼ଧୁଆ	୨୬୪୦	ସରକାରୀ	ଗୋଚର	୦.୩୫୦	ରକ୍ଷିତ
	ଗଡ଼ଧୁଆ	୨୫୯୨/୫୧୧୮	ସରକାରୀ	ବଣିଆଠାଣ	୦.୧୪୦	ରକ୍ଷିତ
	ଗଡ଼ଧୁଆ	୨୬୭୦/୫୬୭୦	ସରକାରୀ	ରାସ୍ତା ଯୋଜନା ଯୋଗା	୦.୧୫୦	ଆବାଦଯୋଗ୍ୟ ଅନାବାଦୀ
	ଗଡ଼ଧୁଆ	୨୬୭୨/୫୬୭୧	ସରକାରୀ	ରାସ୍ତା ଯୋଜନା ଯୋଗା	୦.୪୬୦	ଆବାଦଯୋଗ୍ୟ ଅନାବାଦୀ

			[F. No. NHAI/11013/PIU/Sambalpur/Odisha/NH-42/Notification/3D]
Maya Prakash, Dy.Secretary			
